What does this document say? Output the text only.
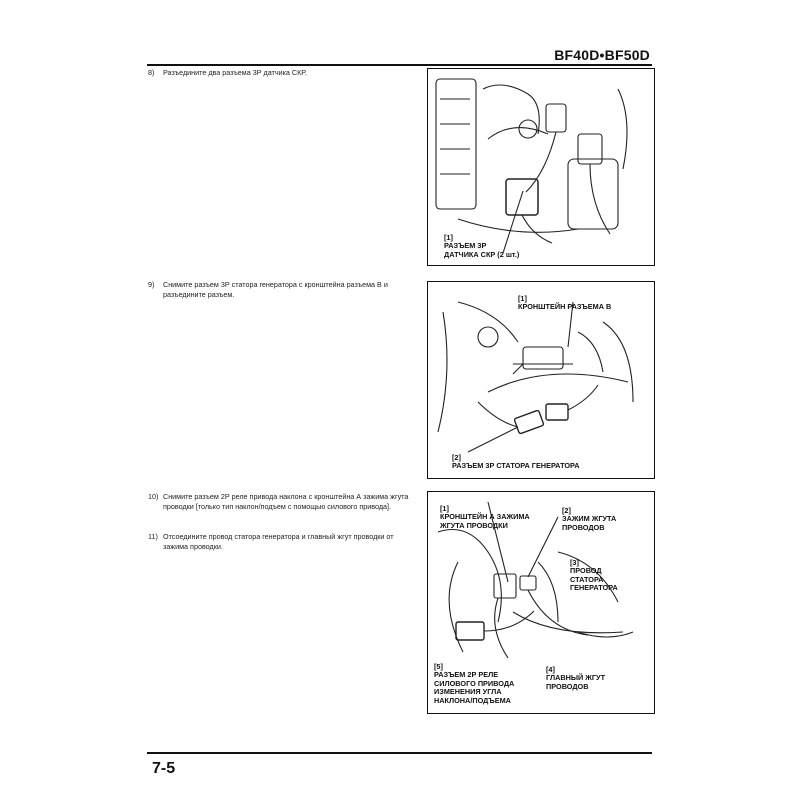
BF40D•BF50D
8) Разъедините два разъема 3Р датчика СКР.

[1]

РАЗЪЕМ 3Р
ДАТЧИКА СКР (2 шт.)

9) Снимите разъем 3Р статора генератора с кронштейна разъема В и разъедините разъем.	[1]

КРОНШТЕЙН РАЗЪЕМА В

[2]

РАЗЪЕМ 3Р СТАТОРА ГЕНЕРАТОРА

10) Снимите разъем 2Р реле привода наклона с кронштейна А зажима жгута проводки [только тип наклон/подъем с помощью силового привода].
11) Отсоедините провод статора генератора и главный жгут проводки от зажима проводки.

[1]

КРОНШТЕЙН А ЗАЖИМА
ЖГУТА ПРОВОДКИ

[2]

ЗАЖИМ ЖГУТА
ПРОВОДОВ

[3]

ПРОВОД
СТАТОРА
ГЕНЕРАТОРА

[4]

ГЛАВНЫЙ ЖГУТ
ПРОВОДОВ

[5]

РАЗЪЕМ 2Р РЕЛЕ
СИЛОВОГО ПРИВОДА
ИЗМЕНЕНИЯ УГЛА
НАКЛОНА/ПОДЪЕМА

7-5
